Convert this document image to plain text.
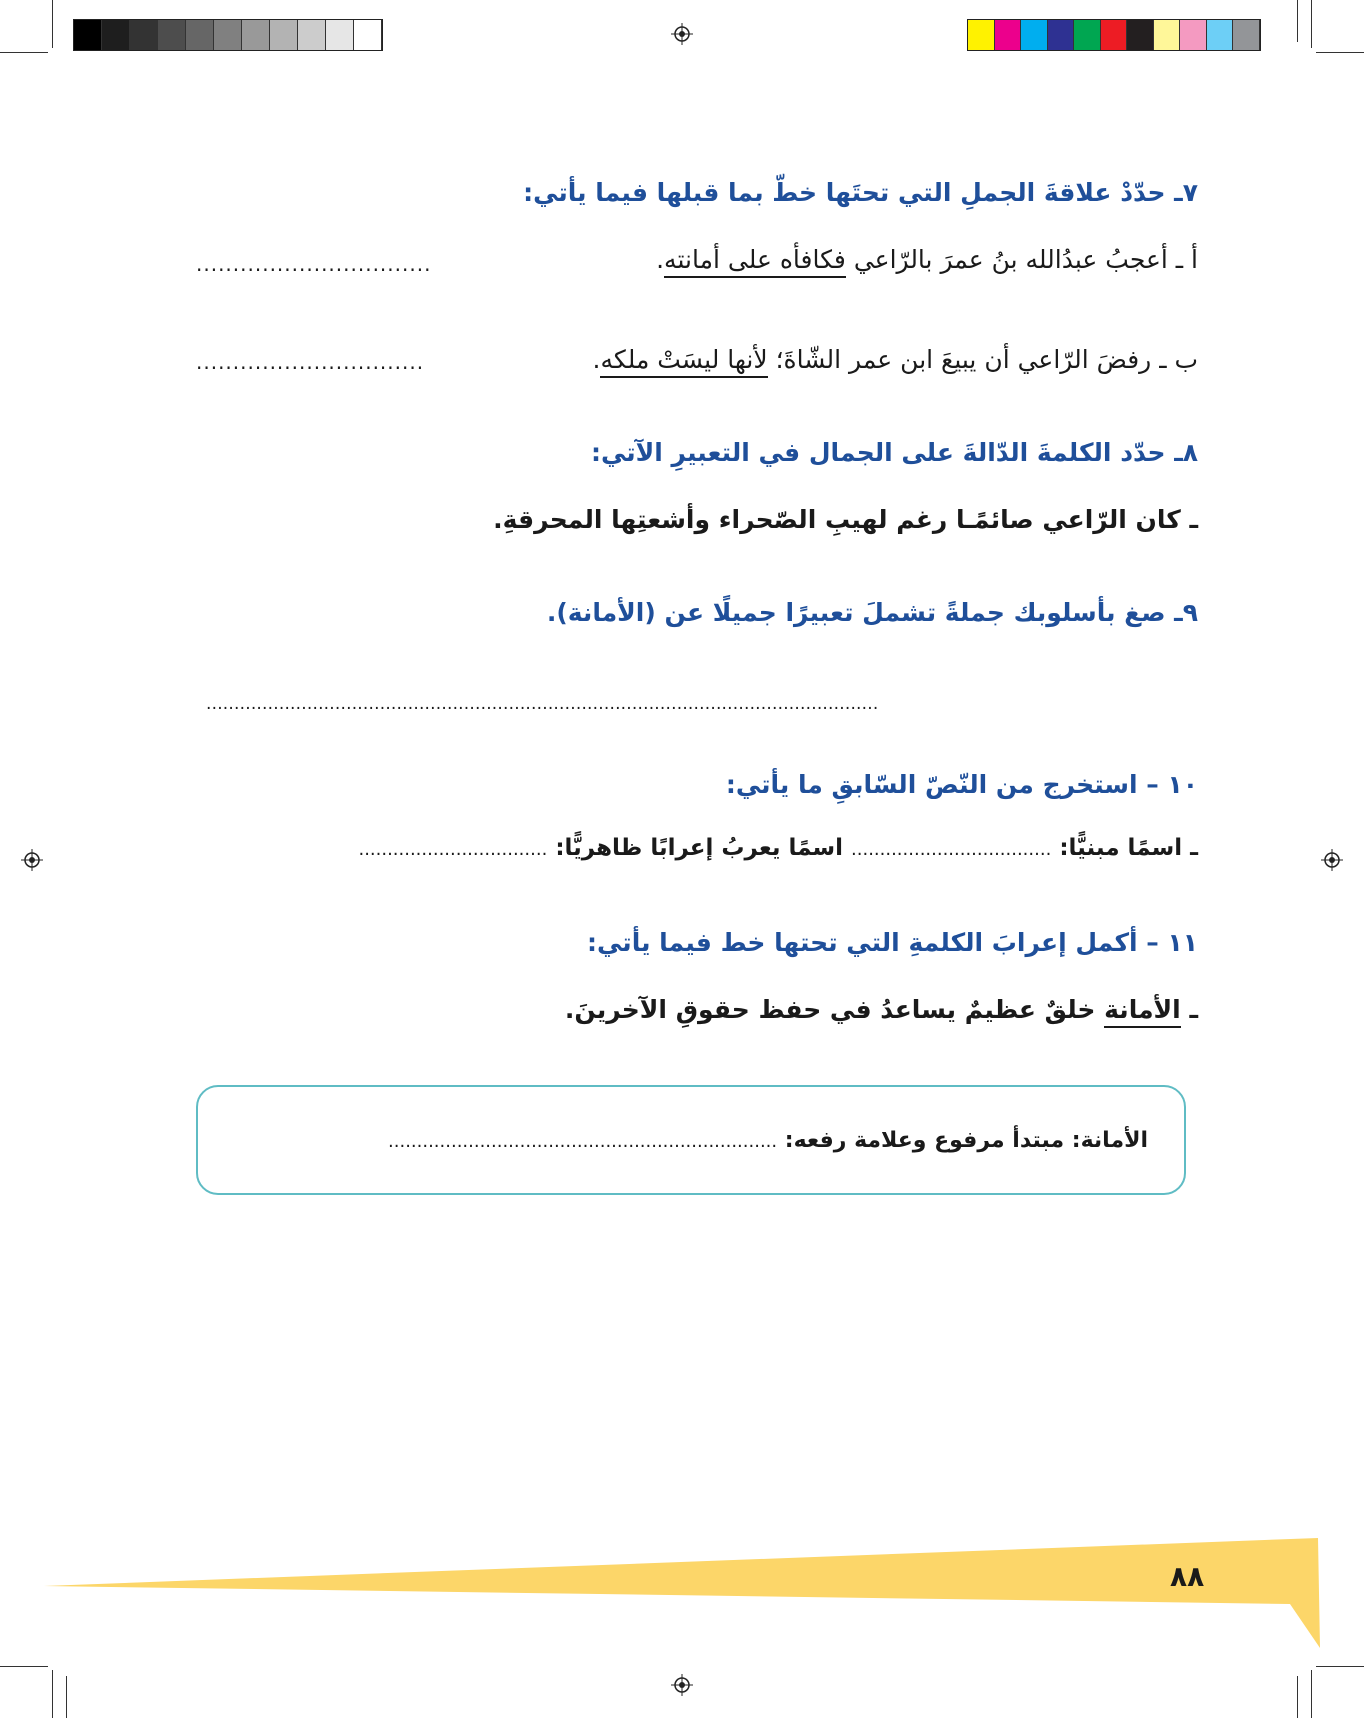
٧ـ حدّدْ علاقةَ الجملِ التي تحتَها خطّ بما قبلها فيما يأتي:
أ ـ أعجبُ عبدُالله بنُ عمرَ بالرّاعي فكافأه على أمانته.
................................
ب ـ رفضَ الرّاعي أن يبيعَ ابن عمر الشّاةَ؛ لأنها ليسَتْ ملكه.
...............................
٨ـ حدّد الكلمةَ الدّالةَ على الجمال في التعبيرِ الآتي:
ـ كان الرّاعي صائمًـا رغم لهيبِ الصّحراء وأشعتِها المحرقةِ.
٩ـ صغ بأسلوبك جملةً تشملَ تعبيرًا جميلًا عن (الأمانة).
........................................................................................................................
١٠ – استخرج من النّصّ السّابقِ ما يأتي:
ـ اسمًا مبنيًّا: ................................... اسمًا يعربُ إعرابًا ظاهريًّا: .................................
١١ – أكمل إعرابَ الكلمةِ التي تحتها خط فيما يأتي:
ـ الأمانة خلقٌ عظيمٌ يساعدُ في حفظ حقوقِ الآخرينَ.
الأمانة: مبتدأ مرفوع وعلامة رفعه: ....................................................................
٨٨
